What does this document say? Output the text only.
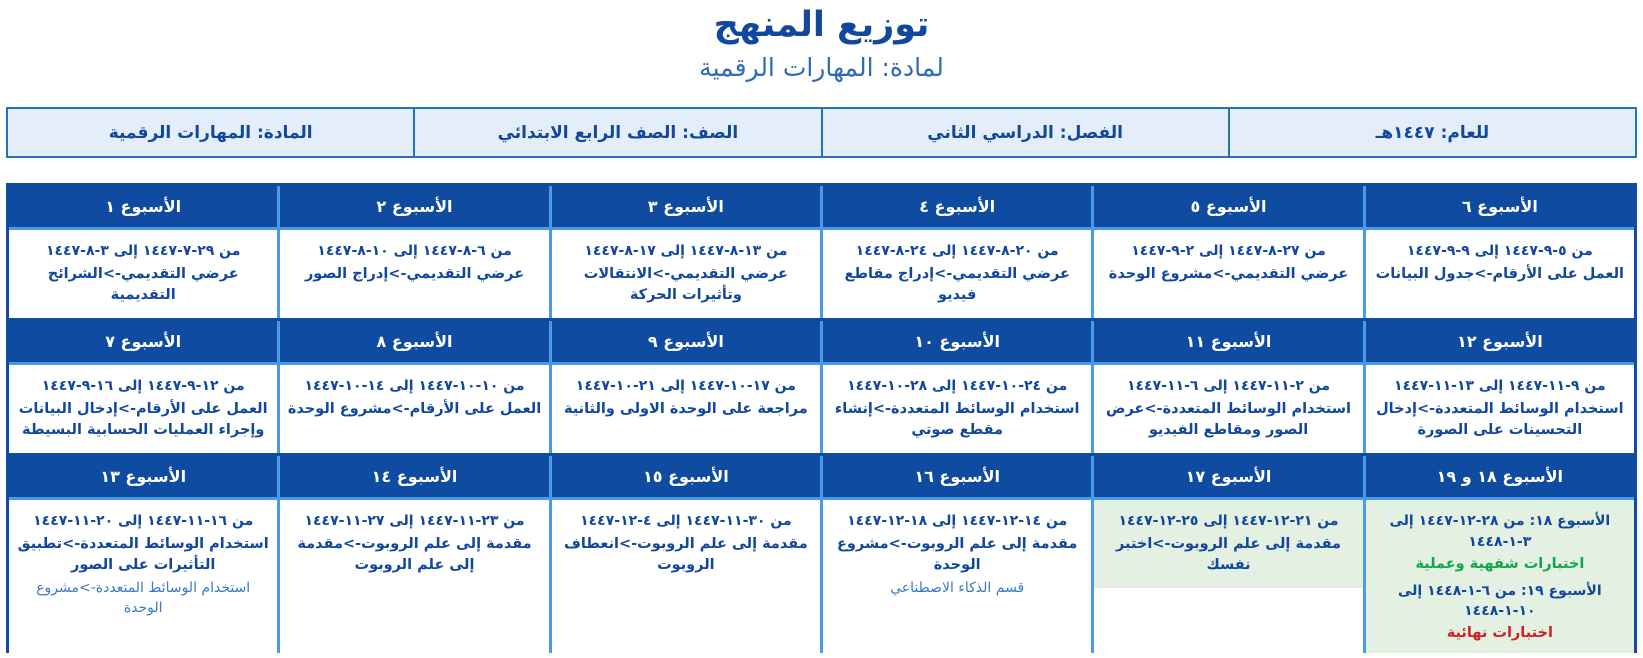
توزيع المنهج
لمادة: المهارات الرقمية
للعام: ١٤٤٧هـ
الفصل: الدراسي الثاني
الصف: الصف الرابع الابتدائي
المادة: المهارات الرقمية
الأسبوع ٦
من ٥-٩-١٤٤٧ إلى ٩-٩-١٤٤٧
العمل على الأرقام->جدول البيانات
الأسبوع ٥
من ٢٧-٨-١٤٤٧ إلى ٢-٩-١٤٤٧
عرضي التقديمي->مشروع الوحدة
الأسبوع ٤
من ٢٠-٨-١٤٤٧ إلى ٢٤-٨-١٤٤٧
عرضي التقديمي->إدراج مقاطع فيديو
الأسبوع ٣
من ١٣-٨-١٤٤٧ إلى ١٧-٨-١٤٤٧
عرضي التقديمي->الانتقالات وتأثيرات الحركة
الأسبوع ٢
من ٦-٨-١٤٤٧ إلى ١٠-٨-١٤٤٧
عرضي التقديمي->إدراج الصور
الأسبوع ١
من ٢٩-٧-١٤٤٧ إلى ٣-٨-١٤٤٧
عرضي التقديمي->الشرائح التقديمية
الأسبوع ١٢
من ٩-١١-١٤٤٧ إلى ١٣-١١-١٤٤٧
استخدام الوسائط المتعددة->إدخال التحسينات على الصورة
الأسبوع ١١
من ٢-١١-١٤٤٧ إلى ٦-١١-١٤٤٧
استخدام الوسائط المتعددة->عرض الصور ومقاطع الفيديو
الأسبوع ١٠
من ٢٤-١٠-١٤٤٧ إلى ٢٨-١٠-١٤٤٧
استخدام الوسائط المتعددة->إنشاء مقطع صوتي
الأسبوع ٩
من ١٧-١٠-١٤٤٧ إلى ٢١-١٠-١٤٤٧
مراجعة على الوحدة الاولى والثانية
الأسبوع ٨
من ١٠-١٠-١٤٤٧ إلى ١٤-١٠-١٤٤٧
العمل على الأرقام->مشروع الوحدة
الأسبوع ٧
من ١٢-٩-١٤٤٧ إلى ١٦-٩-١٤٤٧
العمل على الأرقام->إدخال البيانات وإجراء العمليات الحسابية البسيطة
الأسبوع ١٨ و ١٩
الأسبوع ١٨: من ٢٨-١٢-١٤٤٧ إلى ٣-١-١٤٤٨
اختبارات شفهية وعملية
الأسبوع ١٩: من ٦-١-١٤٤٨ إلى ١٠-١-١٤٤٨
اختبارات نهائية
الأسبوع ١٧
من ٢١-١٢-١٤٤٧ إلى ٢٥-١٢-١٤٤٧
مقدمة إلى علم الروبوت->اختبر نفسك
الأسبوع ١٦
من ١٤-١٢-١٤٤٧ إلى ١٨-١٢-١٤٤٧
مقدمة إلى علم الروبوت->مشروع الوحدة
قسم الذكاء الاصطناعي
الأسبوع ١٥
من ٣٠-١١-١٤٤٧ إلى ٤-١٢-١٤٤٧
مقدمة إلى علم الروبوت->انعطاف الروبوت
الأسبوع ١٤
من ٢٣-١١-١٤٤٧ إلى ٢٧-١١-١٤٤٧
مقدمة إلى علم الروبوت->مقدمة إلى علم الروبوت
الأسبوع ١٣
من ١٦-١١-١٤٤٧ إلى ٢٠-١١-١٤٤٧
استخدام الوسائط المتعددة->تطبيق التأثيرات على الصور
استخدام الوسائط المتعددة->مشروع الوحدة
